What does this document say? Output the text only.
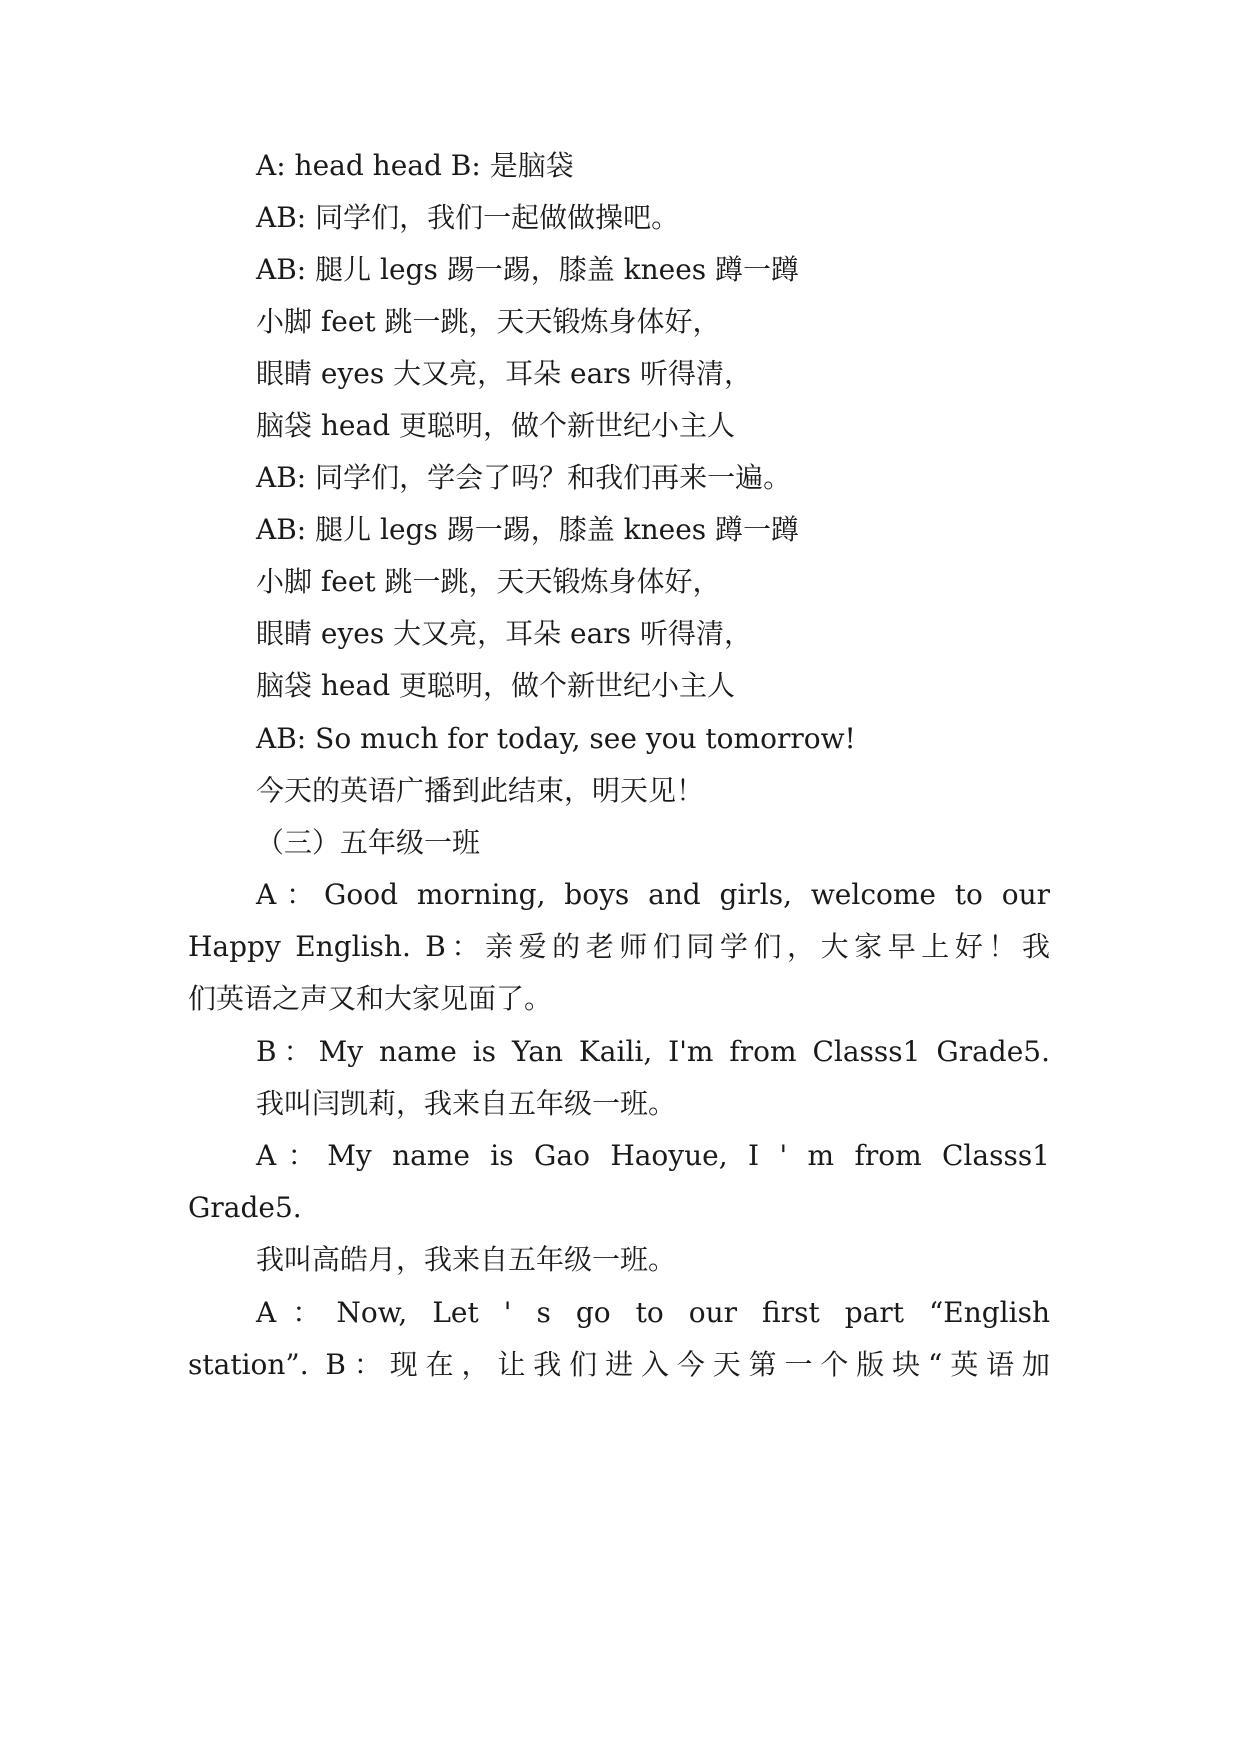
A: head head B: 是脑袋
AB: 同学们，我们一起做做操吧。
AB: 腿儿 legs 踢一踢，膝盖 knees 蹲一蹲
小脚 feet 跳一跳，天天锻炼身体好，
眼睛 eyes 大又亮，耳朵 ears 听得清，
脑袋 head 更聪明，做个新世纪小主人
AB: 同学们，学会了吗？和我们再来一遍。
AB: 腿儿 legs 踢一踢，膝盖 knees 蹲一蹲
小脚 feet 跳一跳，天天锻炼身体好，
眼睛 eyes 大又亮，耳朵 ears 听得清，
脑袋 head 更聪明，做个新世纪小主人
AB: So much for today, see you tomorrow!
今天的英语广播到此结束，明天见！
（三）五年级一班
A：Good morning, boys and girls, welcome to our
Happy English. B：亲爱的老师们同学们，大家早上好！我
们英语之声又和大家见面了。
B：My name is Yan Kaili, I'm from Classs1 Grade5.
我叫闫凯莉，我来自五年级一班。
A：My name is Gao Haoyue, I ' m from Classs1
Grade5.
我叫高皓月，我来自五年级一班。
A：Now, Let ' s go to our first part “English
station”. B：现在，让我们进入今天第一个版块“英语加
